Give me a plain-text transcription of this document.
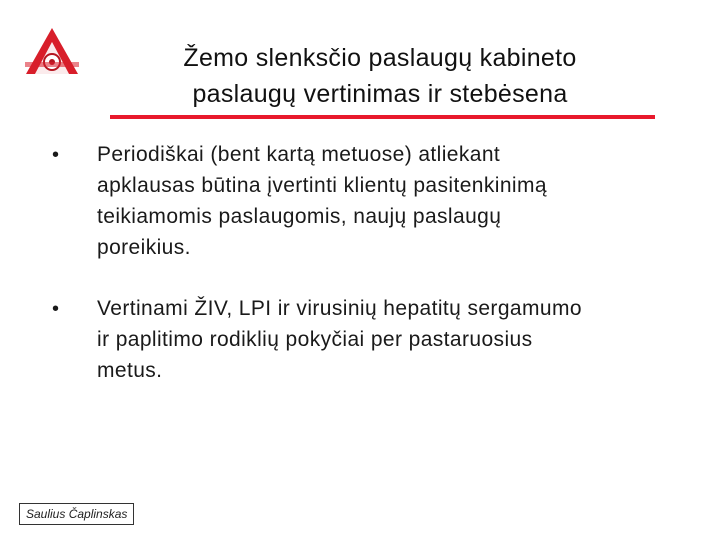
Žemo slenksčio paslaugų kabineto
paslaugų vertinimas ir stebėsena
• Periodiškai (bent kartą metuose) atliekant
apklausas būtina įvertinti klientų pasitenkinimą
teikiamomis paslaugomis, naujų paslaugų
poreikius.
• Vertinami ŽIV, LPI ir virusinių hepatitų sergamumo
ir paplitimo rodiklių pokyčiai per pastaruosius
metus.
Saulius Čaplinskas
